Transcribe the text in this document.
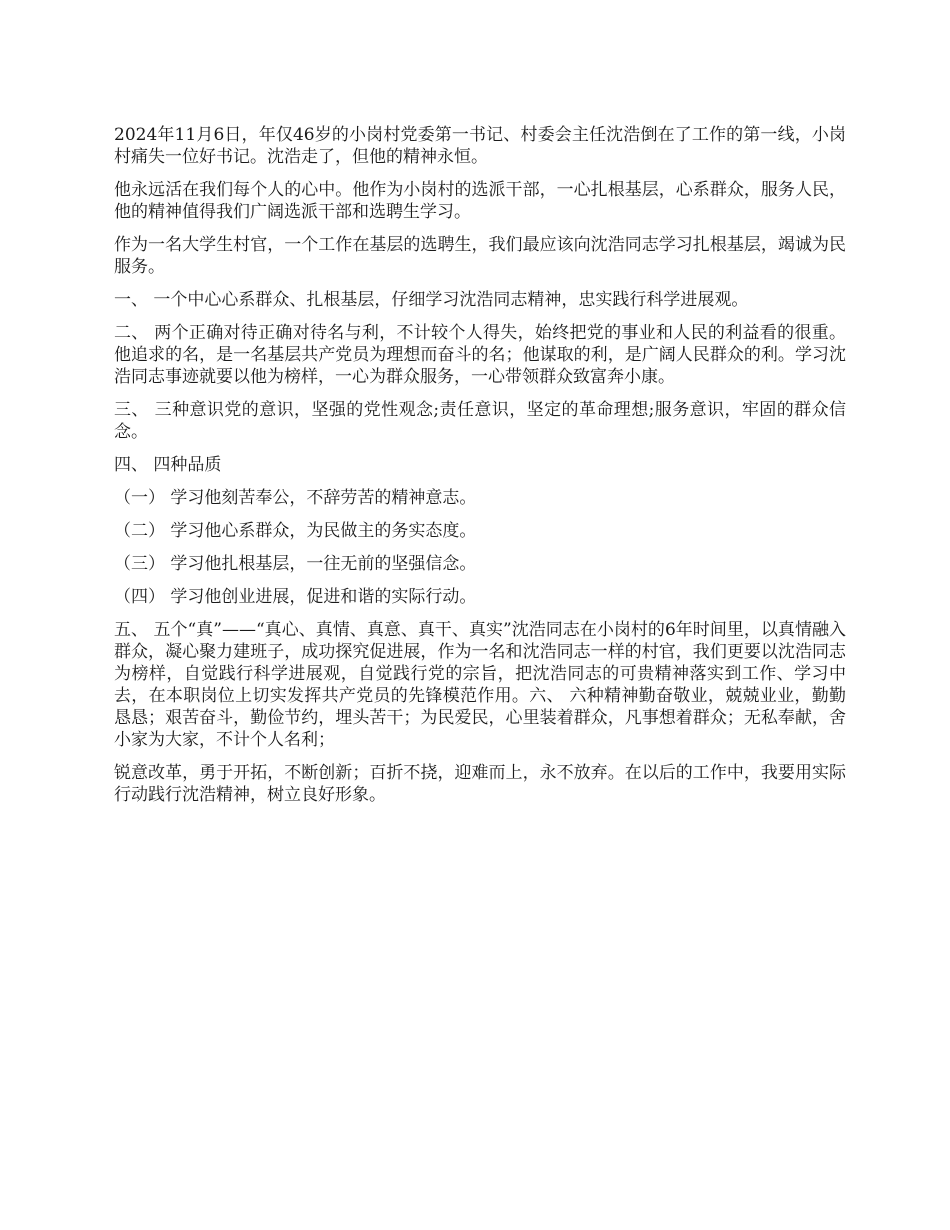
2024年11月6日，年仅46岁的小岗村党委第一书记、村委会主任沈浩倒在了工作的第一线，小岗村痛失一位好书记。沈浩走了，但他的精神永恒。

他永远活在我们每个人的心中。他作为小岗村的选派干部，一心扎根基层，心系群众，服务人民，他的精神值得我们广阔选派干部和选聘生学习。

作为一名大学生村官，一个工作在基层的选聘生，我们最应该向沈浩同志学习扎根基层，竭诚为民服务。

一、 一个中心心系群众、扎根基层，仔细学习沈浩同志精神，忠实践行科学进展观。

二、 两个正确对待正确对待名与利，不计较个人得失，始终把党的事业和人民的利益看的很重。他追求的名，是一名基层共产党员为理想而奋斗的名；他谋取的利，是广阔人民群众的利。学习沈浩同志事迹就要以他为榜样，一心为群众服务，一心带领群众致富奔小康。

三、 三种意识党的意识，坚强的党性观念;责任意识，坚定的革命理想;服务意识，牢固的群众信念。

四、 四种品质

（一） 学习他刻苦奉公，不辞劳苦的精神意志。

（二） 学习他心系群众，为民做主的务实态度。

（三） 学习他扎根基层，一往无前的坚强信念。

（四） 学习他创业进展，促进和谐的实际行动。

五、 五个“真”——“真心、真情、真意、真干、真实”沈浩同志在小岗村的6年时间里，以真情融入群众，凝心聚力建班子，成功探究促进展，作为一名和沈浩同志一样的村官，我们更要以沈浩同志为榜样，自觉践行科学进展观，自觉践行党的宗旨，把沈浩同志的可贵精神落实到工作、学习中去，在本职岗位上切实发挥共产党员的先锋模范作用。六、 六种精神勤奋敬业，兢兢业业，勤勤恳恳；艰苦奋斗，勤俭节约，埋头苦干；为民爱民，心里装着群众，凡事想着群众；无私奉献，舍小家为大家，不计个人名利；

锐意改革，勇于开拓，不断创新；百折不挠，迎难而上，永不放弃。在以后的工作中，我要用实际行动践行沈浩精神，树立良好形象。
